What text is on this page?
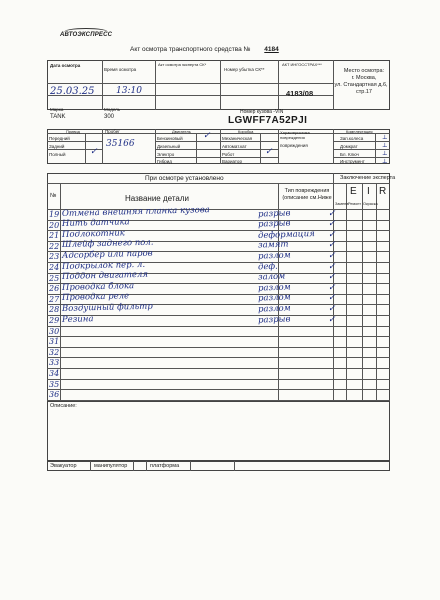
АВТОЭКСПРЕСС
Акт осмотра транспортного средства № 4184
Дата осмотра
25.03.25
Время осмотра
13:10
Акт осмотра эксперта СК*
Номер убытка СК**
АКТ ИНГОССТРАХ***
4183/08
Место осмотра:
г. Москва,
ул. Стандартная д.6,
стр.17
Марка
TANK
Модель
300
Номер кузова -VIN
LGWFF7A52PJI
Привод
Передний
Задний
Полный	✓
Пробег
35166
Двигатель
Бензиновый
Дизельный
Электро
Гибрид
✓	Коробка
Механическая
Автомат.кат
Робот
Вариатор
✓
Характеристика повреждения
повреждения
Комплектация
Зап.колеса
Домкрат
Бл. Ключ
Инструмент
⊥
⊥
⊥
⊥
При осмотре установлено	Заключение эксперта
№	Название детали
Тип повреждения (описание см.Ниже
E I R
Замена Ремонт Окраска
19 Отмена внешняя планка кузова	разрыв	✓
20 Нить датчика	разрыв	✓
21 Подлокотник	деформация ✓
22 Шлейф заднего пол.	замят	✓
23 Адсорбер или паров	разлом	✓
24 Подкрылок пер. л.	деф.	✓
25 Поддон двигателя	залом	✓
26 Проводка блока	разлом	✓
27 Проводка реле	разлом	✓
28 Воздушный фильтр	разлом	✓
29 Резина	разрыв	✓
30
31
32
33
34
35
36
Описание:
Эвакуатор	манипулятор	платформа
